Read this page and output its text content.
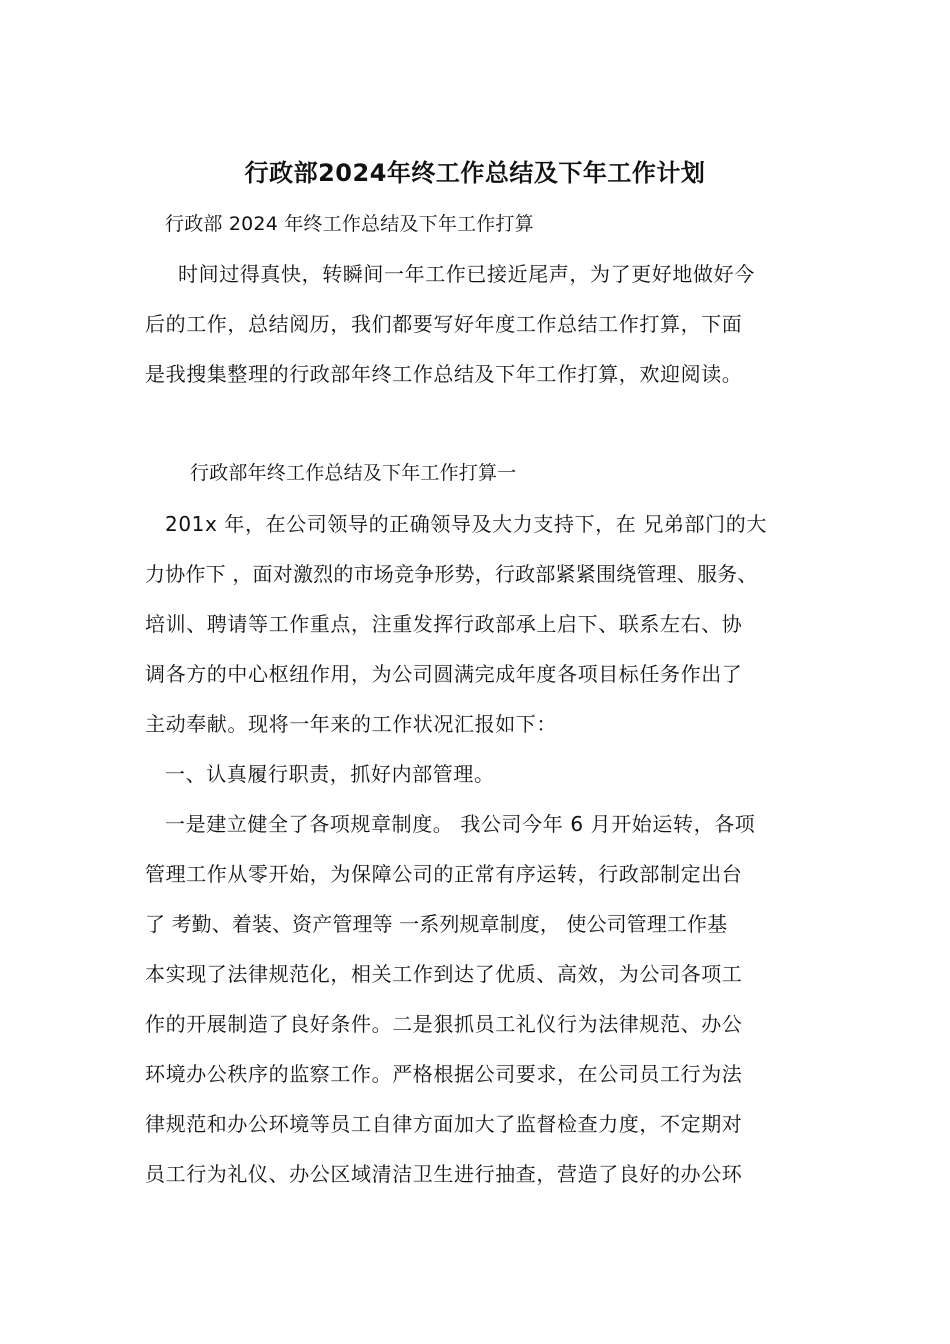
行政部2024年终工作总结及下年工作计划
行政部 2024 年终工作总结及下年工作打算
时间过得真快，转瞬间一年工作已接近尾声，为了更好地做好今
后的工作，总结阅历，我们都要写好年度工作总结工作打算，下面
是我搜集整理的行政部年终工作总结及下年工作打算，欢迎阅读。
行政部年终工作总结及下年工作打算一
201x 年，在公司领导的正确领导及大力支持下，在 兄弟部门的大
力协作下 ，面对激烈的市场竞争形势，行政部紧紧围绕管理、服务、
培训、聘请等工作重点，注重发挥行政部承上启下、联系左右、协
调各方的中心枢纽作用，为公司圆满完成年度各项目标任务作出了
主动奉献。现将一年来的工作状况汇报如下：
一、认真履行职责，抓好内部管理。
一是建立健全了各项规章制度。 我公司今年 6 月开始运转，各项
管理工作从零开始，为保障公司的正常有序运转，行政部制定出台
了 考勤、着装、资产管理等 一系列规章制度， 使公司管理工作基
本实现了法律规范化，相关工作到达了优质、高效，为公司各项工
作的开展制造了良好条件。二是狠抓员工礼仪行为法律规范、办公
环境办公秩序的监察工作。严格根据公司要求，在公司员工行为法
律规范和办公环境等员工自律方面加大了监督检查力度，不定期对
员工行为礼仪、办公区域清洁卫生进行抽查，营造了良好的办公环
